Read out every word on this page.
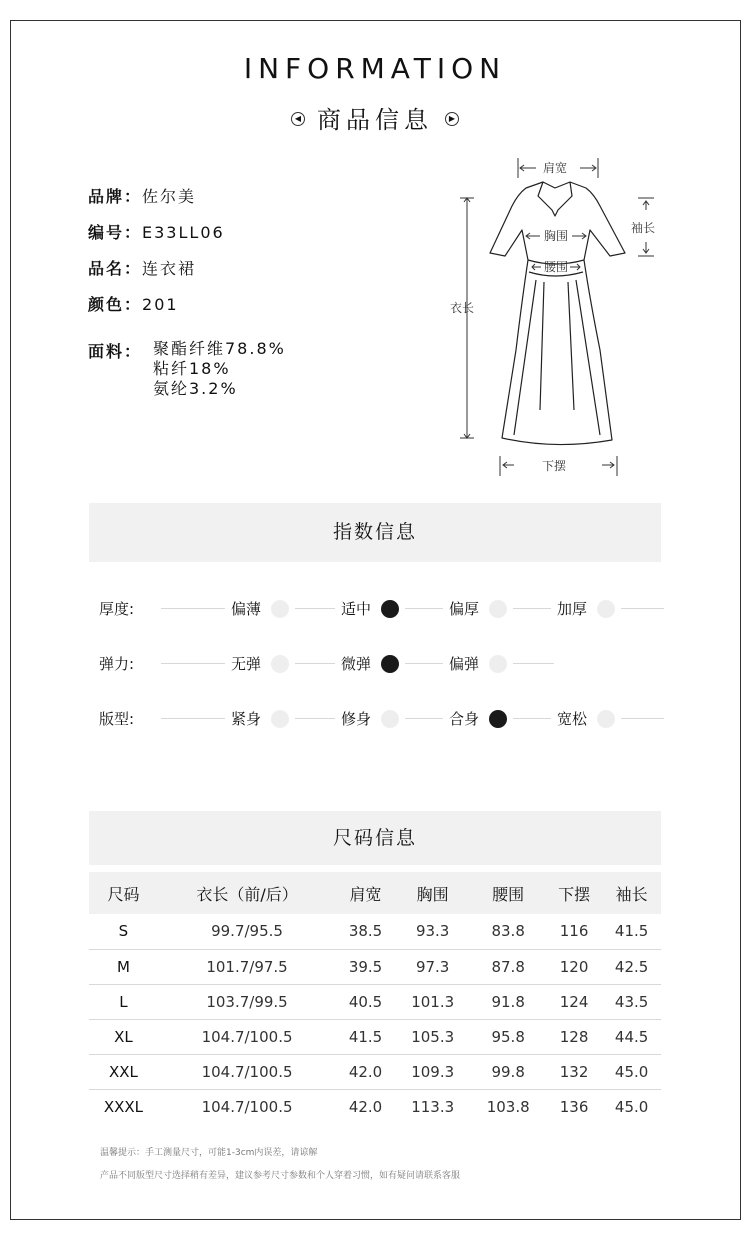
INFORMATION
◀ 商品信息 ▶
品牌：佐尔美
编号：E33LL06
品名：连衣裙
颜色：201
面料： 聚酯纤维78.8%
粘纤18%
氨纶3.2%
肩宽
袖长
胸围
腰围
衣长
下摆
指数信息
厚度:	偏薄	适中	偏厚	加厚
弹力:	无弹	微弹	偏弹
版型:	紧身	修身	合身	宽松
尺码信息
尺码	衣长（前/后）	肩宽	胸围	腰围	下摆	袖长
S	99.7/95.5	38.5	93.3	83.8	116	41.5
M	101.7/97.5	39.5	97.3	87.8	120	42.5
L	103.7/99.5	40.5	101.3	91.8	124	43.5
XL	104.7/100.5	41.5	105.3	95.8	128	44.5
XXL	104.7/100.5	42.0	109.3	99.8	132	45.0
XXXL	104.7/100.5	42.0	113.3	103.8	136	45.0
温馨提示：手工测量尺寸，可能1-3cm内误差，请谅解
产品不同版型尺寸选择稍有差异，建议参考尺寸参数和个人穿着习惯，如有疑问请联系客服
